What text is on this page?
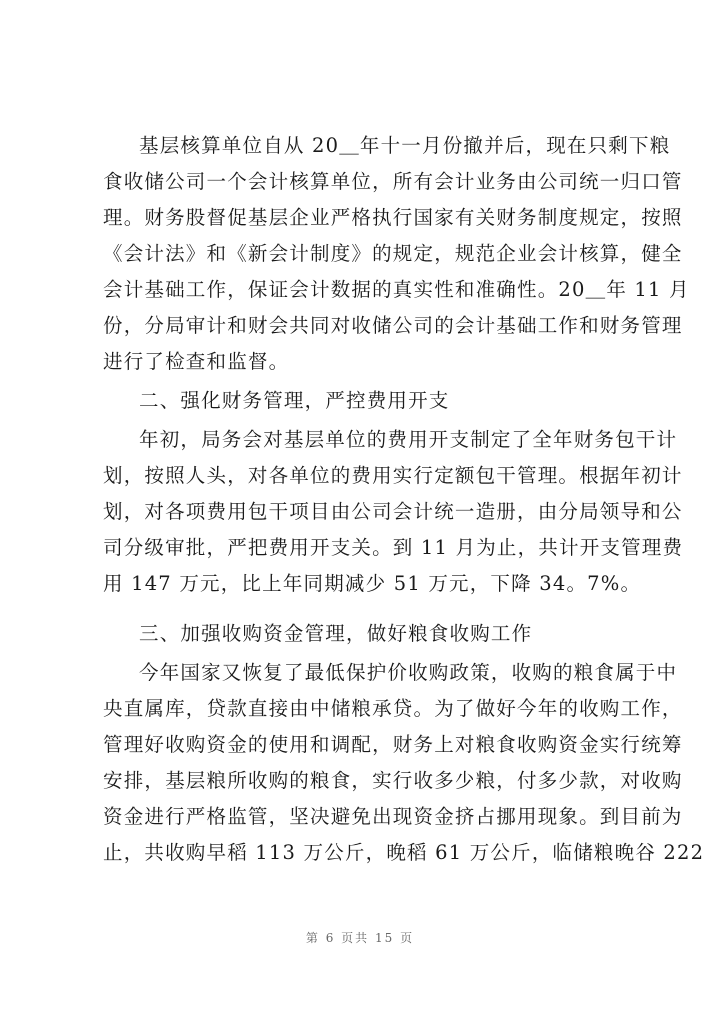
基层核算单位自从 20＿年十一月份撤并后，现在只剩下粮
食收储公司一个会计核算单位，所有会计业务由公司统一归口管
理。财务股督促基层企业严格执行国家有关财务制度规定，按照
《会计法》和《新会计制度》的规定，规范企业会计核算，健全
会计基础工作，保证会计数据的真实性和准确性。20＿年 11 月
份，分局审计和财会共同对收储公司的会计基础工作和财务管理
进行了检查和监督。
二、强化财务管理，严控费用开支
年初，局务会对基层单位的费用开支制定了全年财务包干计
划，按照人头，对各单位的费用实行定额包干管理。根据年初计
划，对各项费用包干项目由公司会计统一造册，由分局领导和公
司分级审批，严把费用开支关。到 11 月为止，共计开支管理费
用 147 万元，比上年同期减少 51 万元，下降 34。7%。
三、加强收购资金管理，做好粮食收购工作
今年国家又恢复了最低保护价收购政策，收购的粮食属于中
央直属库，贷款直接由中储粮承贷。为了做好今年的收购工作，
管理好收购资金的使用和调配，财务上对粮食收购资金实行统筹
安排，基层粮所收购的粮食，实行收多少粮，付多少款，对收购
资金进行严格监管，坚决避免出现资金挤占挪用现象。到目前为
止，共收购早稻 113 万公斤，晚稻 61 万公斤，临储粮晚谷 222
第 6 页共 15 页
